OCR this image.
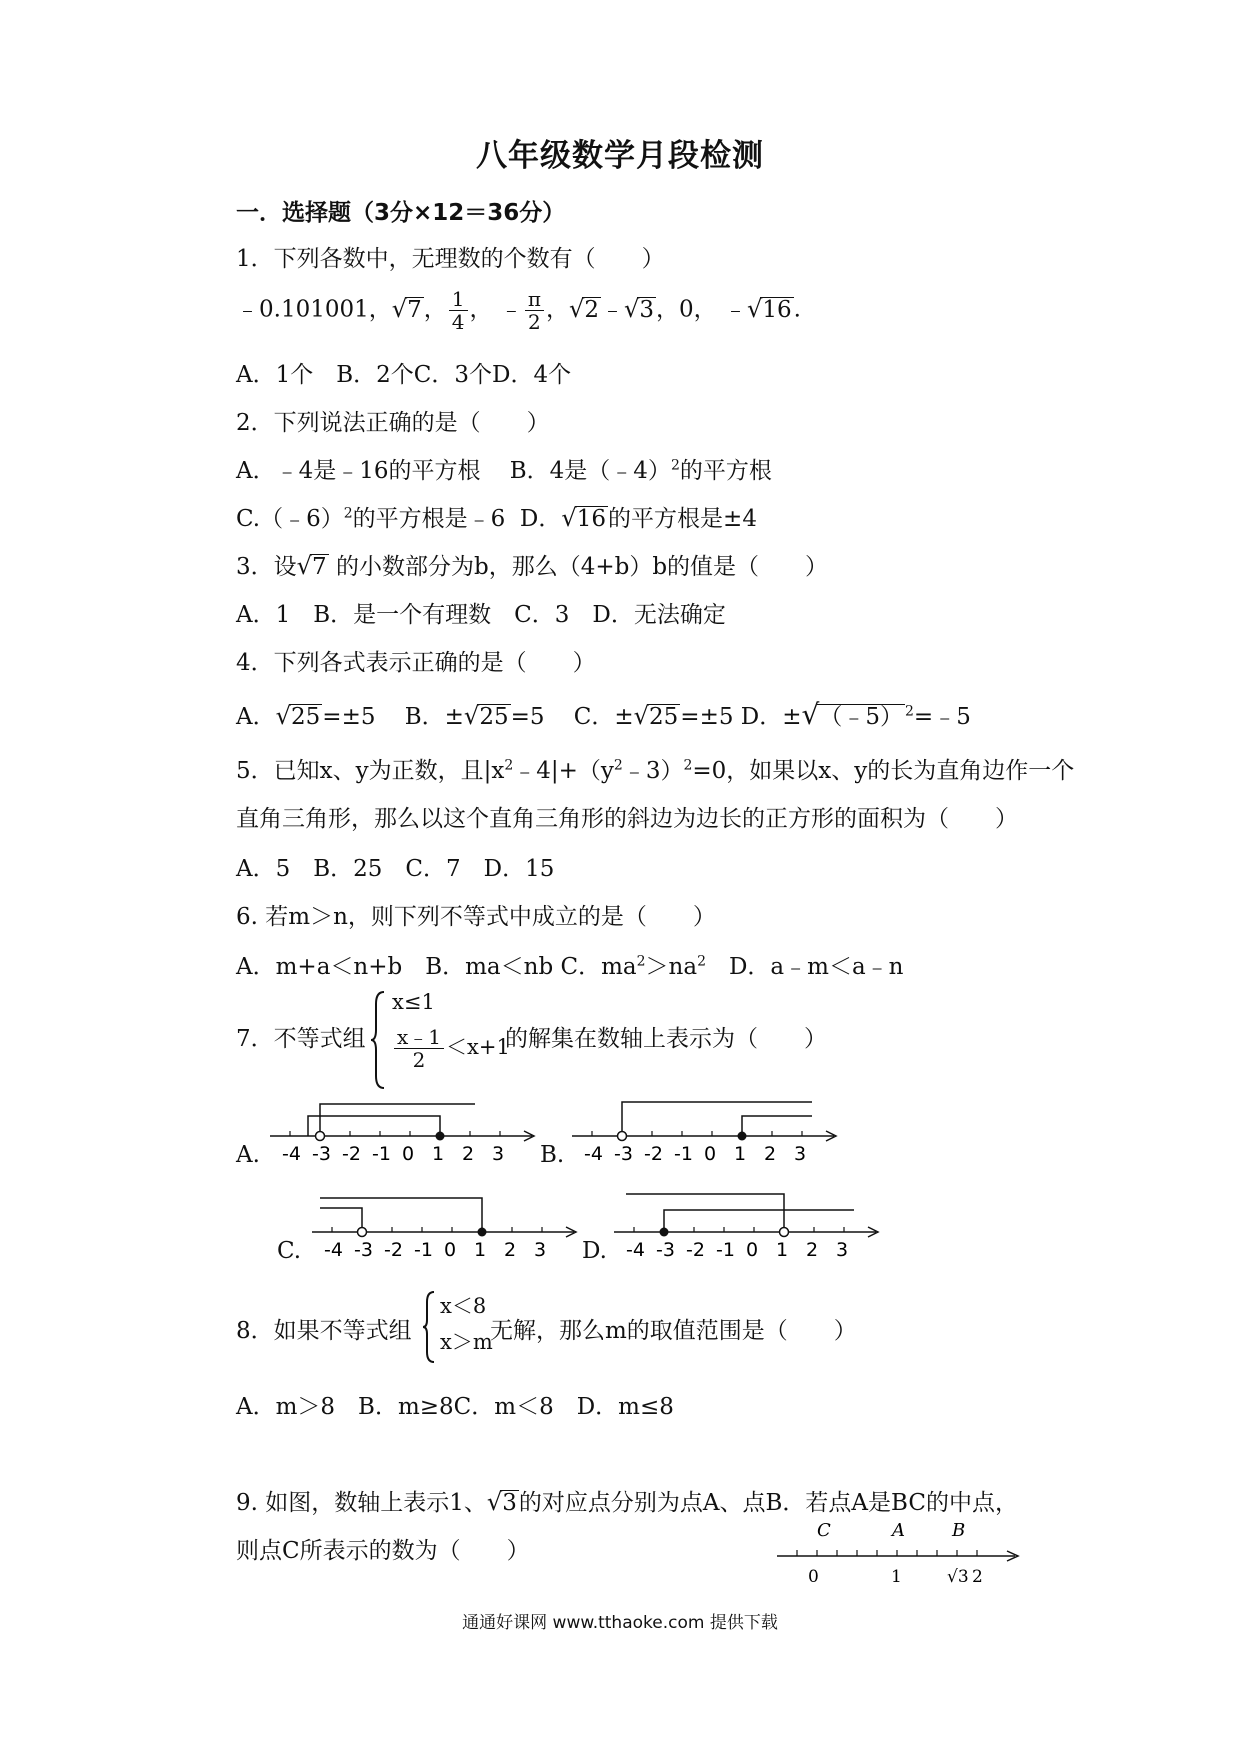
八年级数学月段检测
一．选择题（3分×12＝36分）
1．下列各数中，无理数的个数有（　　）
﹣0.101001，√7， $\frac{1}{4}$ ， ﹣ $\frac{\pi}{2}$ ，√2﹣√3，0， ﹣√16.
A．1个　B．2个C．3个D．4个
2．下列说法正确的是（　　）
A．﹣4是﹣16的平方根 B．4是（﹣4）$^2$的平方根
C.（﹣6）$^2$的平方根是﹣6 D．√16的平方根是±4
3．设√7 的小数部分为b，那么（4+b）b的值是（　　）
A．1　B．是一个有理数　C．3　D．无法确定
4．下列各式表示正确的是（　　）
A．√25=±5 B．±√25=5 C．±√25=±5 D．±√（﹣5） $^2$=﹣5
5．已知x、y为正数，且$|x^2﹣4|+(y^2﹣3)^2=0$，如果以x、y的长为直角边作一个
直角三角形，那么以这个直角三角形的斜边为边长的正方形的面积为（　　）
A．5　B．25　C．7　D．15
6. 若m＞n，则下列不等式中成立的是（　　）
A．m+a＜n+b　B．ma＜nb C．$ma^2>na^2$　D．a﹣m＜a﹣n
7．不等式组
x≤1
$\frac{x﹣1}{2} <x+1$
的解集在数轴上表示为（　　）
A. -4 -3 -2 -1 0 1 2 3 B. -4 -3 -2 -1 0 1 2 3
C. -4 -3 -2 -1 0 1 2 3 D. -4 -3 -2 -1 0 1 2 3
8．如果不等式组
x＜8
x＞m
无解，那么m的取值范围是（　　）
A．m＞8　B．m≥8C．m＜8　D．m≤8
9. 如图，数轴上表示1、√3的对应点分别为点A、点B．若点A是BC的中点，
则点C所表示的数为（　　）
C	A	B
0	1	√3 2
通通好课网 www.tthaoke.com 提供下载
